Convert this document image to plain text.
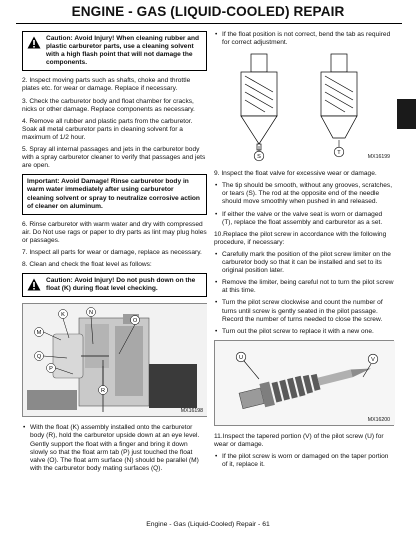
ENGINE - GAS (LIQUID-COOLED) REPAIR
Caution: Avoid Injury! When cleaning rubber and plastic carburetor parts, use a cleaning solvent with a high flash point that will not damage the components.

2. Inspect moving parts such as shafts, choke and throttle plates etc. for wear or damage. Replace if necessary.

3. Check the carburetor body and float chamber for cracks, nicks or other damage. Replace components as necessary.

4. Remove all rubber and plastic parts from the carburetor. Soak all metal carburetor parts in cleaning solvent for a maximum of 1/2 hour.

5. Spray all internal passages and jets in the carburetor body with a spray carburetor cleaner to verify that passages and jets are open.

Important: Avoid Damage! Rinse carburetor body in warm water immediately after using carburetor cleaning solvent or spray to neutralize corrosive action of cleaner on aluminum.

6. Rinse carburetor with warm water and dry with compressed air. Do Not use rags or paper to dry parts as lint may plug holes or passages.

7. Inspect all parts for wear or damage, replace as necessary.

8. Clean and check the float level as follows:

Caution: Avoid Injury! Do not push down on the float (K) during float level checking.
K	N
M
O
Q
P
R
MX16198

• With the float (K) assembly installed onto the carburetor body (R), hold the carburetor upside down at an eye level. Gently support the float with a finger and bring it down slowly so that the float arm tab (P) just touched the float valve (O). The float arm surface (N) should be parallel (M) with the carburetor body mating surfaces (Q).

• If the float position is not correct, bend the tab as required for correct adjustment.

S
T
MX16199

9. Inspect the float valve for excessive wear or damage.

• The tip should be smooth, without any grooves, scratches, or tears (S). The rod at the opposite end of the needle should move smoothly when pushed in and released.

• If either the valve or the valve seat is worn or damaged (T), replace the float assembly and carburetor as a set.

10.Replace the pilot screw in accordance with the following procedure, if necessary:

• Carefully mark the position of the pilot screw limiter on the carburetor body so that it can be installed and set to its original position later.

• Remove the limiter, being careful not to turn the pilot screw at this time.

• Turn the pilot screw clockwise and count the number of turns until screw is gently seated in the pilot passage. Record the number of turns needed to close the screw.

• Turn out the pilot screw to replace it with a new one.

U	V
MX16200

11.Inspect the tapered portion (V) of the pilot screw (U) for wear or damage.

• If the pilot screw is worn or damaged on the taper portion of it, replace it.

Engine - Gas (Liquid-Cooled) Repair - 61
